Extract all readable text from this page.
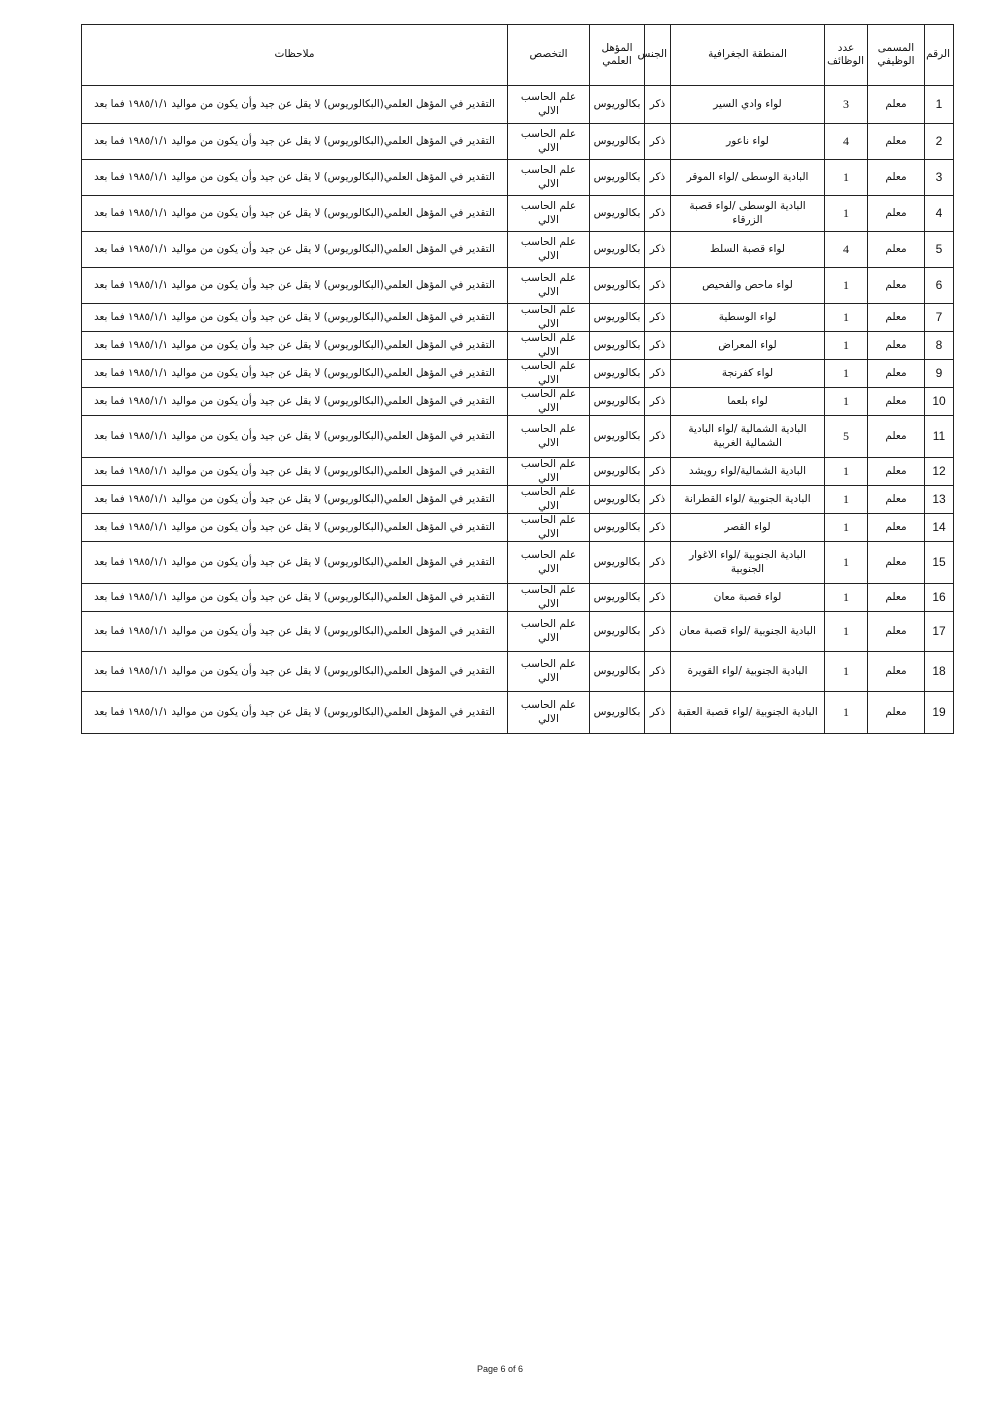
الرقم	المسمى الوظيفي	عدد الوظائف	المنطقة الجغرافية	الجنس	المؤهل العلمي	التخصص	ملاحظات
1	معلم	3	لواء وادي السير	ذكر	بكالوريوس	علم الحاسب الالي	التقدير في المؤهل العلمي(البكالوريوس) لا يقل عن جيد وأن يكون من مواليد ١٩٨٥/١/١ فما بعد
2	معلم	4	لواء ناعور	ذكر	بكالوريوس	علم الحاسب الالي	التقدير في المؤهل العلمي(البكالوريوس) لا يقل عن جيد وأن يكون من مواليد ١٩٨٥/١/١ فما بعد
3	معلم	1	البادية الوسطى /لواء الموقر	ذكر	بكالوريوس	علم الحاسب الالي	التقدير في المؤهل العلمي(البكالوريوس) لا يقل عن جيد وأن يكون من مواليد ١٩٨٥/١/١ فما بعد
4	معلم	1	البادية الوسطى /لواء قصبة الزرقاء	ذكر	بكالوريوس	علم الحاسب الالي	التقدير في المؤهل العلمي(البكالوريوس) لا يقل عن جيد وأن يكون من مواليد ١٩٨٥/١/١ فما بعد
5	معلم	4	لواء قصبة السلط	ذكر	بكالوريوس	علم الحاسب الالي	التقدير في المؤهل العلمي(البكالوريوس) لا يقل عن جيد وأن يكون من مواليد ١٩٨٥/١/١ فما بعد
6	معلم	1	لواء ماحص والفحيص	ذكر	بكالوريوس	علم الحاسب الالي	التقدير في المؤهل العلمي(البكالوريوس) لا يقل عن جيد وأن يكون من مواليد ١٩٨٥/١/١ فما بعد
7	معلم	1	لواء الوسطية	ذكر	بكالوريوس	علم الحاسب الالي	التقدير في المؤهل العلمي(البكالوريوس) لا يقل عن جيد وأن يكون من مواليد ١٩٨٥/١/١ فما بعد
8	معلم	1	لواء المعراض	ذكر	بكالوريوس	علم الحاسب الالي	التقدير في المؤهل العلمي(البكالوريوس) لا يقل عن جيد وأن يكون من مواليد ١٩٨٥/١/١ فما بعد
9	معلم	1	لواء كفرنجة	ذكر	بكالوريوس	علم الحاسب الالي	التقدير في المؤهل العلمي(البكالوريوس) لا يقل عن جيد وأن يكون من مواليد ١٩٨٥/١/١ فما بعد
10	معلم	1	لواء بلعما	ذكر	بكالوريوس	علم الحاسب الالي	التقدير في المؤهل العلمي(البكالوريوس) لا يقل عن جيد وأن يكون من مواليد ١٩٨٥/١/١ فما بعد
11	معلم	5	البادية الشمالية /لواء البادية الشمالية الغربية	ذكر	بكالوريوس	علم الحاسب الالي	التقدير في المؤهل العلمي(البكالوريوس) لا يقل عن جيد وأن يكون من مواليد ١٩٨٥/١/١ فما بعد
12	معلم	1	البادية الشمالية/لواء رويشد	ذكر	بكالوريوس	علم الحاسب الالي	التقدير في المؤهل العلمي(البكالوريوس) لا يقل عن جيد وأن يكون من مواليد ١٩٨٥/١/١ فما بعد
13	معلم	1	البادية الجنوبية /لواء القطرانة	ذكر	بكالوريوس	علم الحاسب الالي	التقدير في المؤهل العلمي(البكالوريوس) لا يقل عن جيد وأن يكون من مواليد ١٩٨٥/١/١ فما بعد
14	معلم	1	لواء القصر	ذكر	بكالوريوس	علم الحاسب الالي	التقدير في المؤهل العلمي(البكالوريوس) لا يقل عن جيد وأن يكون من مواليد ١٩٨٥/١/١ فما بعد
15	معلم	1	البادية الجنوبية /لواء الاغوار الجنوبية	ذكر	بكالوريوس	علم الحاسب الالي	التقدير في المؤهل العلمي(البكالوريوس) لا يقل عن جيد وأن يكون من مواليد ١٩٨٥/١/١ فما بعد
16	معلم	1	لواء قصبة معان	ذكر	بكالوريوس	علم الحاسب الالي	التقدير في المؤهل العلمي(البكالوريوس) لا يقل عن جيد وأن يكون من مواليد ١٩٨٥/١/١ فما بعد
17	معلم	1	البادية الجنوبية /لواء قصبة معان	ذكر	بكالوريوس	علم الحاسب الالي	التقدير في المؤهل العلمي(البكالوريوس) لا يقل عن جيد وأن يكون من مواليد ١٩٨٥/١/١ فما بعد
18	معلم	1	البادية الجنوبية /لواء القويرة	ذكر	بكالوريوس	علم الحاسب الالي	التقدير في المؤهل العلمي(البكالوريوس) لا يقل عن جيد وأن يكون من مواليد ١٩٨٥/١/١ فما بعد
19	معلم	1	البادية الجنوبية /لواء قصبة العقبة	ذكر	بكالوريوس	علم الحاسب الالي	التقدير في المؤهل العلمي(البكالوريوس) لا يقل عن جيد وأن يكون من مواليد ١٩٨٥/١/١ فما بعد
Page 6 of 6
